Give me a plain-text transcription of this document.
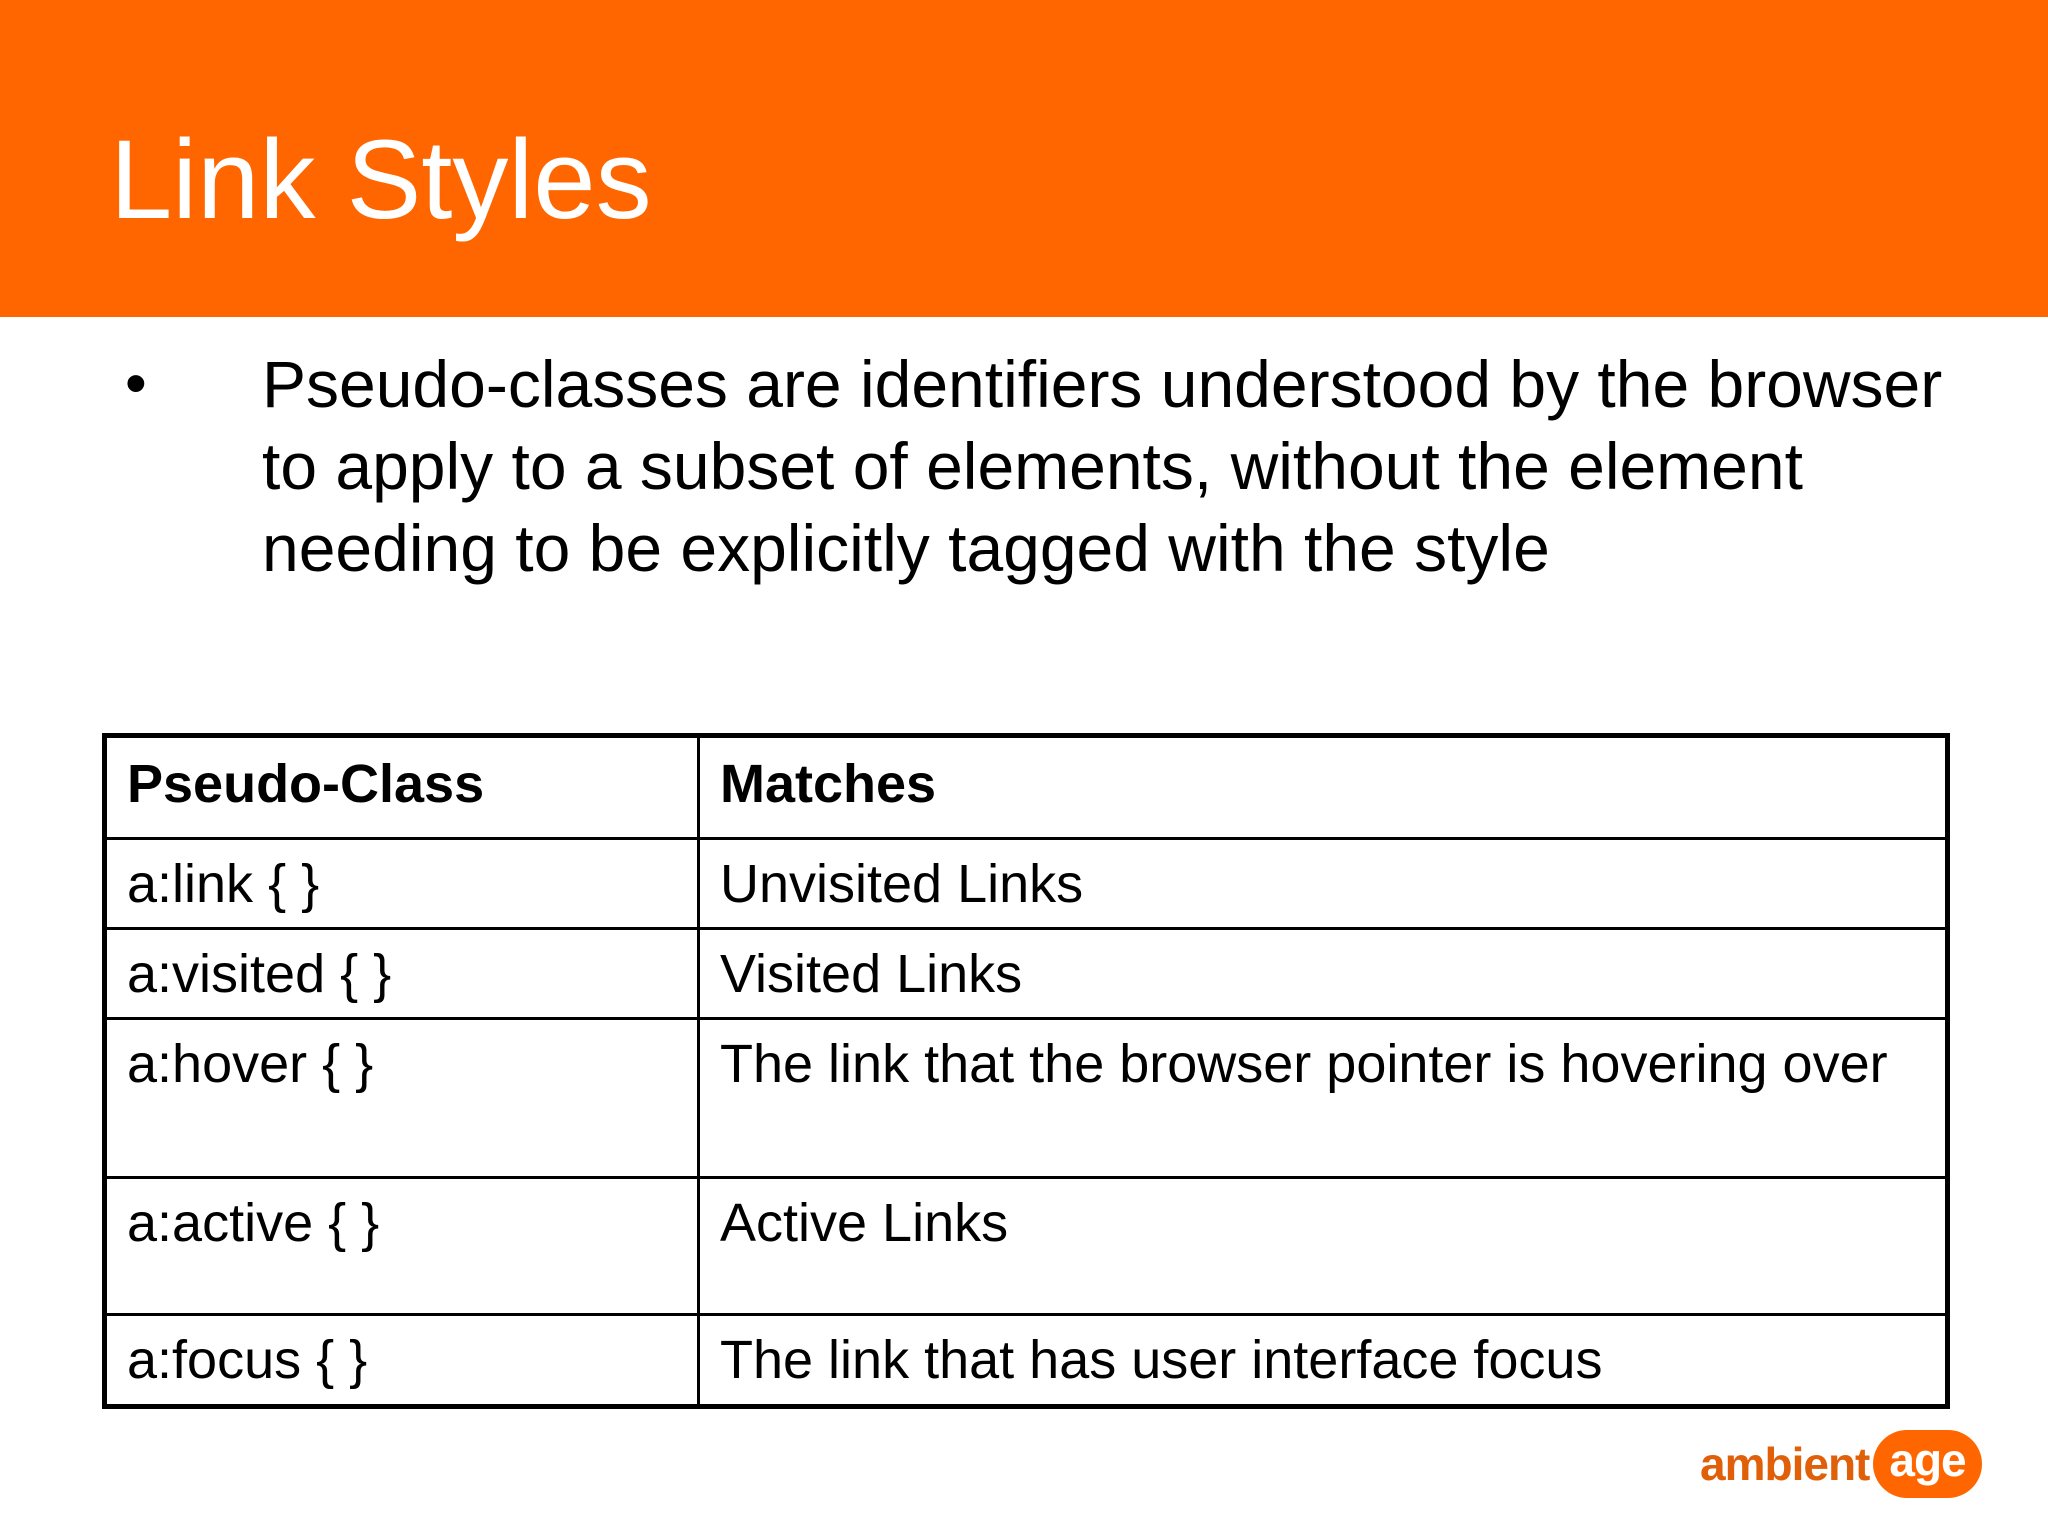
Link Styles
• Pseudo-classes are identifiers understood by the browser to apply to a subset of elements, without the element needing to be explicitly tagged with the style
Pseudo-Class	Matches
a:link { }	Unvisited Links
a:visited { }	Visited Links
a:hover { }	The link that the browser pointer is hovering over
a:active { }	Active Links
a:focus { }	The link that has user interface focus
ambient age
